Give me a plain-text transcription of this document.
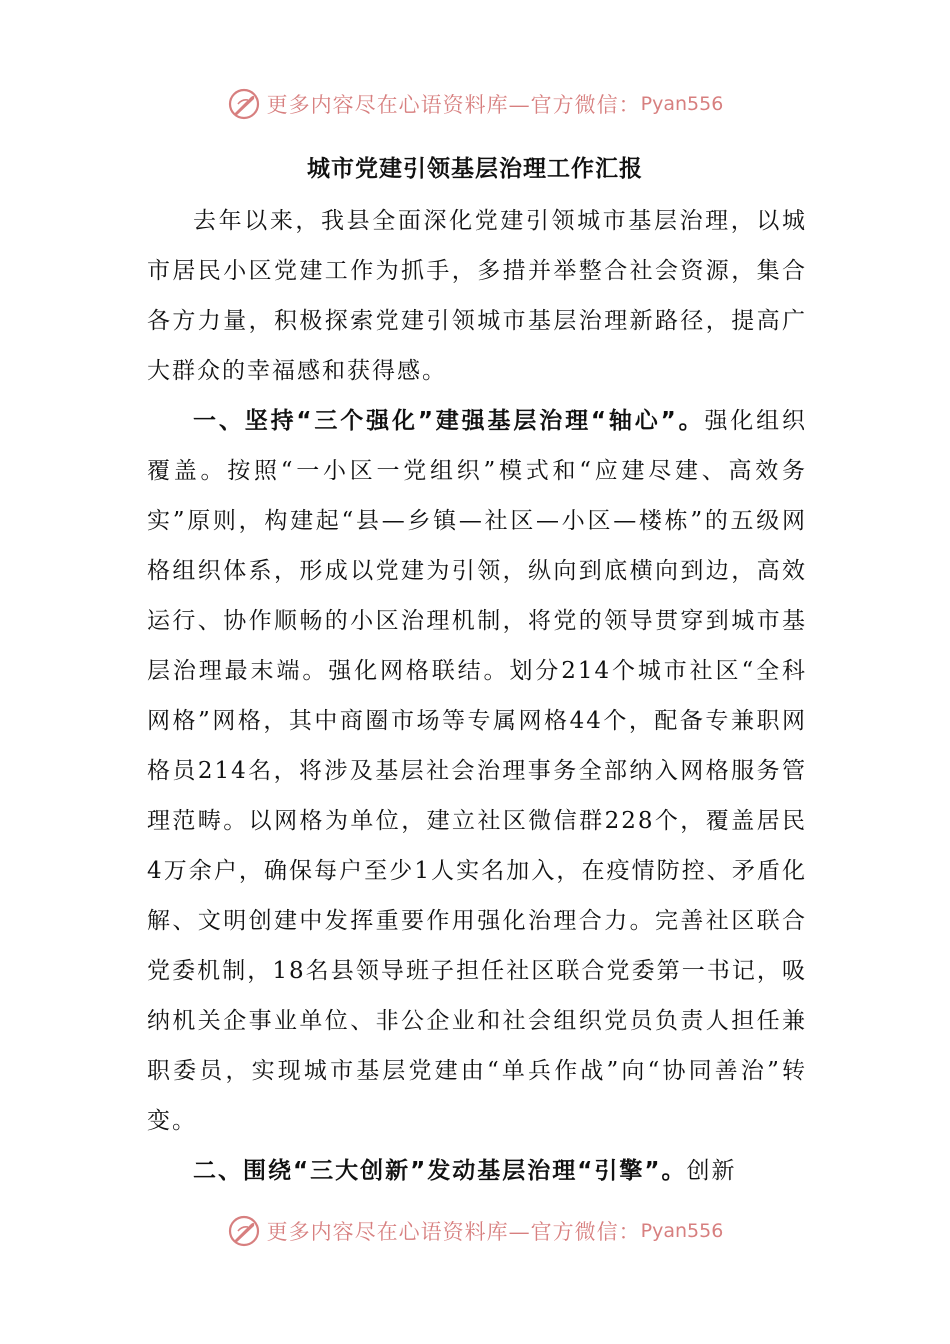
更多内容尽在心语资料库—官方微信： Pyan556
城市党建引领基层治理工作汇报

去年以来，我县全面深化党建引领城市基层治理，以城市居民小区党建工作为抓手，多措并举整合社会资源，集合各方力量，积极探索党建引领城市基层治理新路径，提高广大群众的幸福感和获得感。

一、坚持“三个强化”建强基层治理“轴心”。强化组织覆盖。按照“一小区一党组织”模式和“应建尽建、高效务实”原则，构建起“县—乡镇—社区—小区—楼栋”的五级网格组织体系，形成以党建为引领，纵向到底横向到边，高效运行、协作顺畅的小区治理机制，将党的领导贯穿到城市基层治理最末端。强化网格联结。划分214个城市社区“全科网格”网格，其中商圈市场等专属网格44个，配备专兼职网格员214名，将涉及基层社会治理事务全部纳入网格服务管理范畴。以网格为单位，建立社区微信群228个，覆盖居民4万余户，确保每户至少1人实名加入，在疫情防控、矛盾化解、文明创建中发挥重要作用强化治理合力。完善社区联合党委机制，18名县领导班子担任社区联合党委第一书记，吸纳机关企事业单位、非公企业和社会组织党员负责人担任兼职委员，实现城市基层党建由“单兵作战”向“协同善治”转变。

二、围绕“三大创新”发动基层治理“引擎”。创新

更多内容尽在心语资料库—官方微信： Pyan556
